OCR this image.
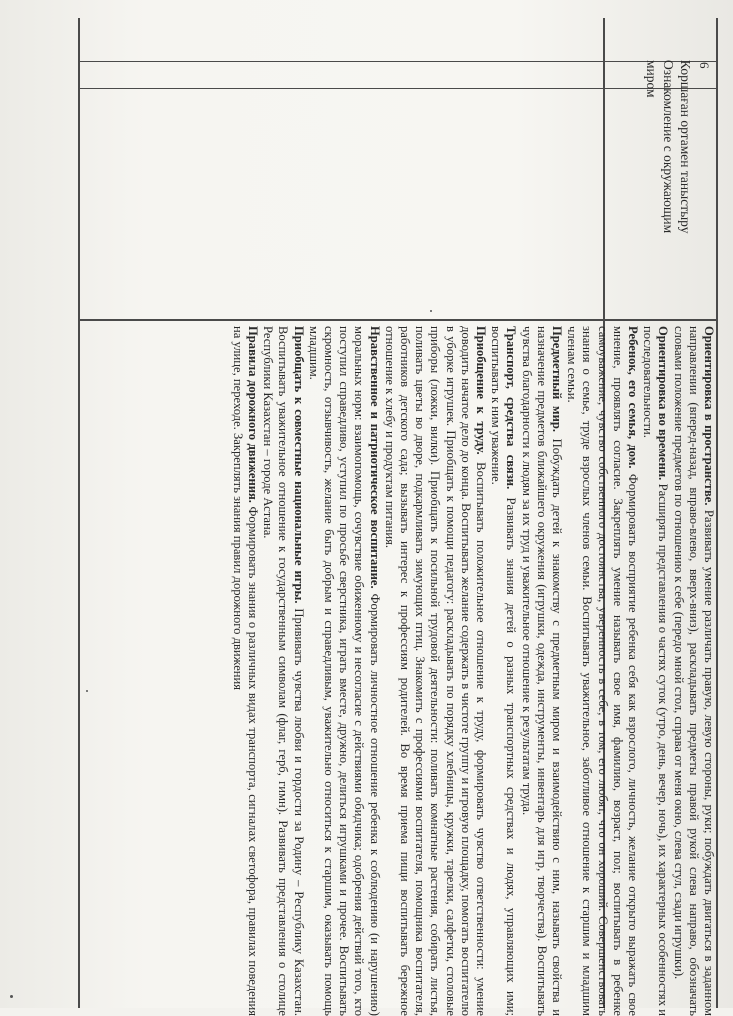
6
Коршаған ортамен таныстыру
Ознакомление с окружающим
миром

Ориентировка в пространстве. Развивать умение различать правую, левую стороны, руки; побуждать двигаться в заданном направлении (вперед-назад, вправо-влево, вверх-вниз), раскладывать предметы правой рукой слева направо, обозначать словами положение предметов по отношению к себе (передо мной стол, справа от меня окно, слева стул, сзади игрушки).

Ориентировка во времени. Расширять представления о частях суток (утро, день, вечер, ночь), их характерных особенностях и последовательности.

Ребенок, его семья, дом. Формировать восприятие ребенка себя как взрослого, личность, желание открыто выражать свое мнение, проявлять согласие. Закреплять умение называть свое имя, фамилию, возраст, пол; воспитывать в ребенке самоуважение, чувство собственного достоинства, уверенность в себе, в том, его любят, что он хороший. Совершенствовать знания о семье, труде взрослых членов семьи. Воспитывать уважительное, заботливое отношение к старшим и младшим членам семьи.

Предметный мир. Побуждать детей к знакомству с предметным миром и взаимодействию с ним, называть свойства и назначение предметов ближайшего окружения (игрушки, одежда, инструменты, инвентарь для игр, творчества). Воспитывать чувства благодарности к людям за их труд и уважительное отношение к результатам труда.

Транспорт, средства связи. Развивать знания детей о разных транспортных средствах и людях, управляющих ими; воспитывать к ним уважение.

Приобщение к труду. Воспитывать положительное отношение к труду, формировать чувство ответственности: умение доводить начатое дело до конца. Воспитывать желание содержать в чистоте группу и игровую площадку, помогать воспитателю в уборке игрушек. Приобщать к помощи педагогу: раскладывать по порядку хлебницы, кружки, тарелки, салфетки, столовые приборы (ложки, вилки). Приобщать к посильной трудовой деятельности: поливать комнатные растения, собирать листья, поливать цветы во дворе, подкармливать зимующих птиц. Знакомить с профессиями воспитателя, помощника воспитателя, работников детского сада; вызывать интерес к профессиям родителей. Во время приема пищи воспитывать бережное отношение к хлебу и продуктам питания.

Нравственное и патриотическое воспитание. Формировать личностное отношение ребенка к соблюдению (и нарушению) моральных норм: взаимопомощь, сочувствие обиженному и несогласие с действиями обидчика; одобрения действий того, кто поступил справедливо, уступил по просьбе сверстника, играть вместе, дружно, делиться игрушками и прочее. Воспитывать скромность, отзывчивость, желание быть добрым и справедливым, уважительно относиться к старшим, оказывать помощь младшим.

Приобщать к совместные национальные игры. Прививать чувства любви и гордости за Родину – Республику Казахстан. Воспитывать уважительное отношение к государственным символам (флаг, герб, гимн). Развивать представления о столице Республики Казахстан – городе Астана.

Правила дорожного движения. Формировать знания о различных видах транспорта, сигналах светофора, правилах поведения на улице, переходе. Закреплять знания правил дорожного движения
